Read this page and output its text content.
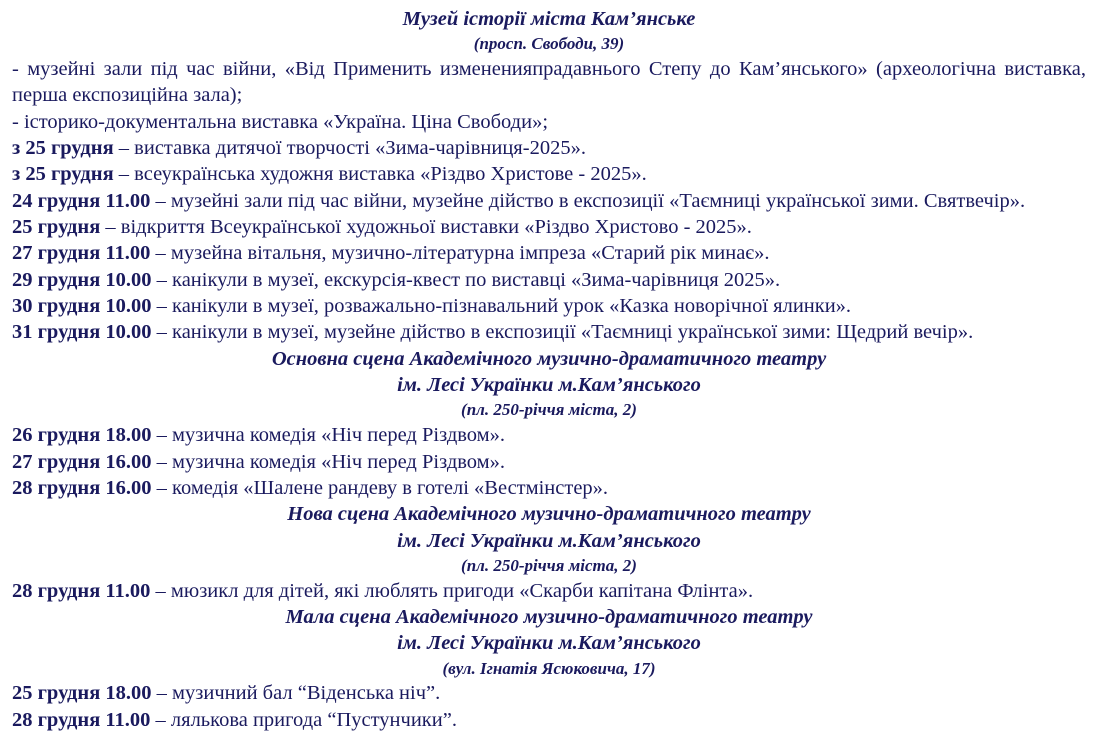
Музей історії міста Кам’янське
(просп. Свободи, 39)

- музейні зали під час війни, «Від Применить измененияпрадавнього Степу до Кам’янського» (археологічна виставка, перша експозиційна зала);

- історико-документальна виставка «Україна. Ціна Свободи»;

з 25 грудня – виставка дитячої творчості «Зима-чарівниця-2025».

з 25 грудня – всеукраїнська художня виставка «Різдво Христове - 2025».

24 грудня 11.00 – музейні зали під час війни, музейне дійство в експозиції «Таємниці української зими. Святвечір».

25 грудня – відкриття Всеукраїнської художньої виставки «Різдво Христово - 2025».

27 грудня 11.00 – музейна вітальня, музично-літературна імпреза «Старий рік минає».

29 грудня 10.00 – канікули в музеї, екскурсія-квест по виставці «Зима-чарівниця 2025».

30 грудня 10.00 – канікули в музеї, розважально-пізнавальний урок «Казка новорічної ялинки».

31 грудня 10.00 – канікули в музеї, музейне дійство в експозиції «Таємниці української зими: Щедрий вечір».

Основна сцена Академічного музично-драматичного театру
ім. Лесі Українки м.Кам’янського
(пл. 250-річчя міста, 2)

26 грудня 18.00 – музична комедія «Ніч перед Різдвом».

27 грудня 16.00 – музична комедія «Ніч перед Різдвом».

28 грудня 16.00 – комедія «Шалене рандеву в готелі «Вестмінстер».

Нова сцена Академічного музично-драматичного театру
ім. Лесі Українки м.Кам’янського
(пл. 250-річчя міста, 2)

28 грудня 11.00 – мюзикл для дітей, які люблять пригоди «Скарби капітана Флінта».

Мала сцена Академічного музично-драматичного театру
ім. Лесі Українки м.Кам’янського
(вул. Ігнатія Ясюковича, 17)

25 грудня 18.00 – музичний бал “Віденська ніч”.

28 грудня 11.00 – лялькова пригода “Пустунчики”.
